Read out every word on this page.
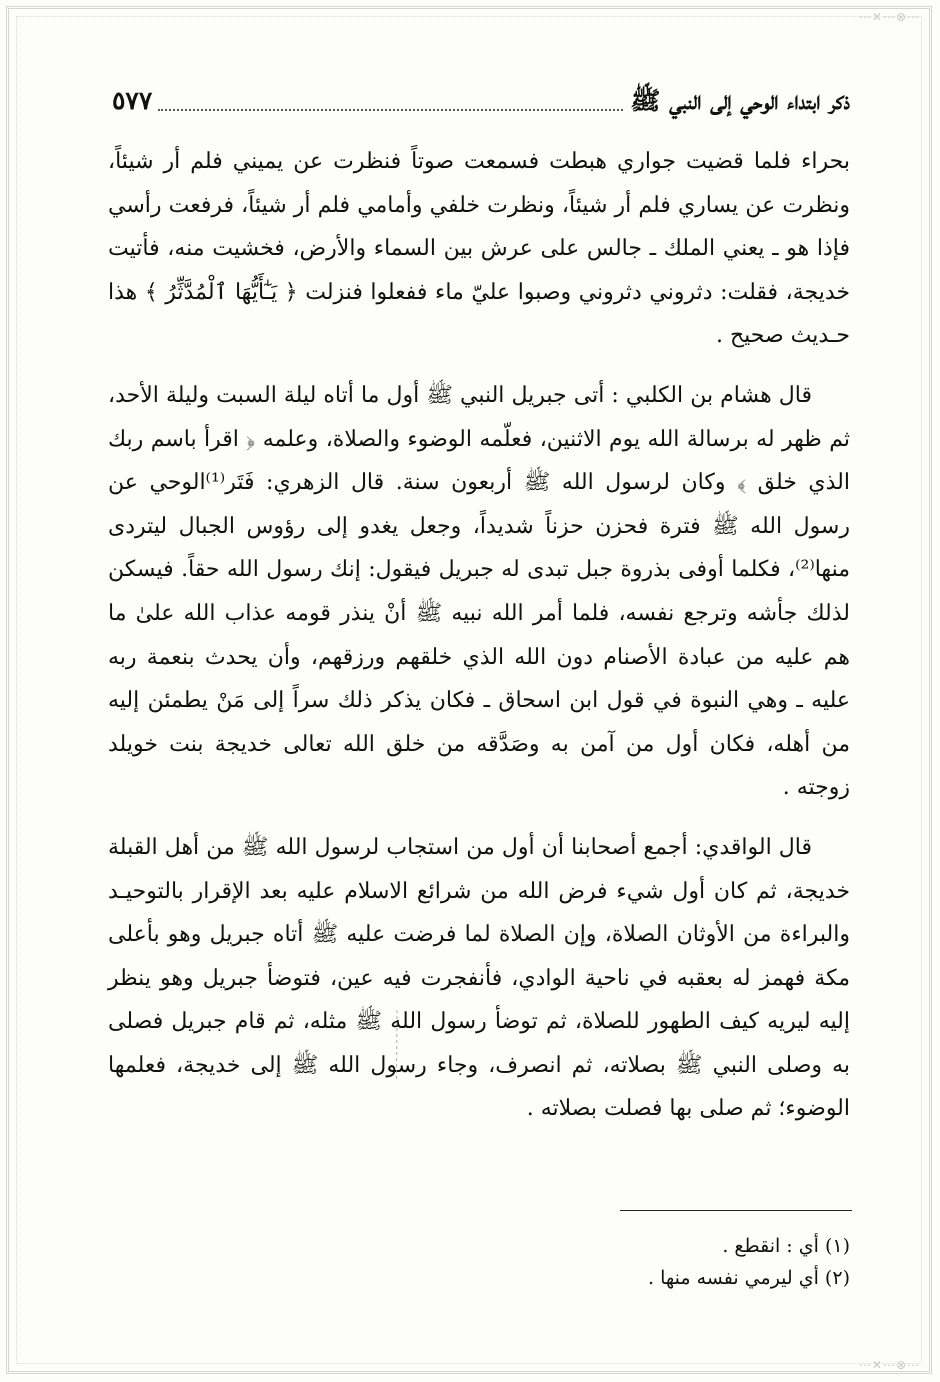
⋯✕⋯⊗⋯
⋯✕⋯⊗⋯
ذكر ابتداء الوحي إلى النبي ﷺ
٥٧٧

بحراء فلما قضيت جواري هبطت فسمعت صوتاً فنظرت عن يميني فلم أر شيئاً، ونظرت عن يساري فلم أر شيئاً، ونظرت خلفي وأمامي فلم أر شيئاً، فرفعت رأسي فإذا هو ـ يعني الملك ـ جالس على عرش بين السماء والأرض، فخشيت منه، فأتيت خديجة، فقلت: دثروني دثروني وصبوا عليّ ماء ففعلوا فنزلت ﴿ يَـٰٓأَيُّهَا ٱلْمُدَّثِّرُ ﴾ هذا حـديث صحيح .

قال هشام بن الكلبي : أتى جبريل النبي ﷺ أول ما أتاه ليلة السبت وليلة الأحد، ثم ظهر له برسالة الله يوم الاثنين، فعلّمه الوضوء والصلاة، وعلمه ﴿ اقرأ باسم ربك الذي خلق ﴾ وكان لرسول الله ﷺ أربعون سنة. قال الزهري: فَتَر⁽¹⁾الوحي عن رسول الله ﷺ فترة فحزن حزناً شديداً، وجعل يغدو إلى رؤوس الجبال ليتردى منها⁽²⁾، فكلما أوفى بذروة جبل تبدى له جبريل فيقول: إنك رسول الله حقاً. فيسكن لذلك جأشه وترجع نفسه، فلما أمر الله نبيه ﷺ أنْ ينذر قومه عذاب الله علىٰ ما هم عليه من عبادة الأصنام دون الله الذي خلقهم ورزقهم، وأن يحدث بنعمة ربه عليه ـ وهي النبوة في قول ابن اسحاق ـ فكان يذكر ذلك سراً إلى مَنْ يطمئن إليه من أهله، فكان أول من آمن به وصَدَّقه من خلق الله تعالى خديجة بنت خويلد زوجته .

قال الواقدي: أجمع أصحابنا أن أول من استجاب لرسول الله ﷺ من أهل القبلة خديجة، ثم كان أول شيء فرض الله من شرائع الاسلام عليه بعد الإقرار بالتوحيـد والبراءة من الأوثان الصلاة، وإن الصلاة لما فرضت عليه ﷺ أتاه جبريل وهو بأعلى مكة فهمز له بعقبه في ناحية الوادي، فأنفجرت فيه عين، فتوضأ جبريل وهو ينظر إليه ليريه كيف الطهور للصلاة، ثم توضأ رسول الله ﷺ مثله، ثم قام جبريل فصلى به وصلى النبي ﷺ بصلاته، ثم انصرف، وجاء رسول الله ﷺ إلى خديجة، فعلمها الوضوء؛ ثم صلى بها فصلت بصلاته .

(١) أي : انقطع .

(٢) أي ليرمي نفسه منها .
